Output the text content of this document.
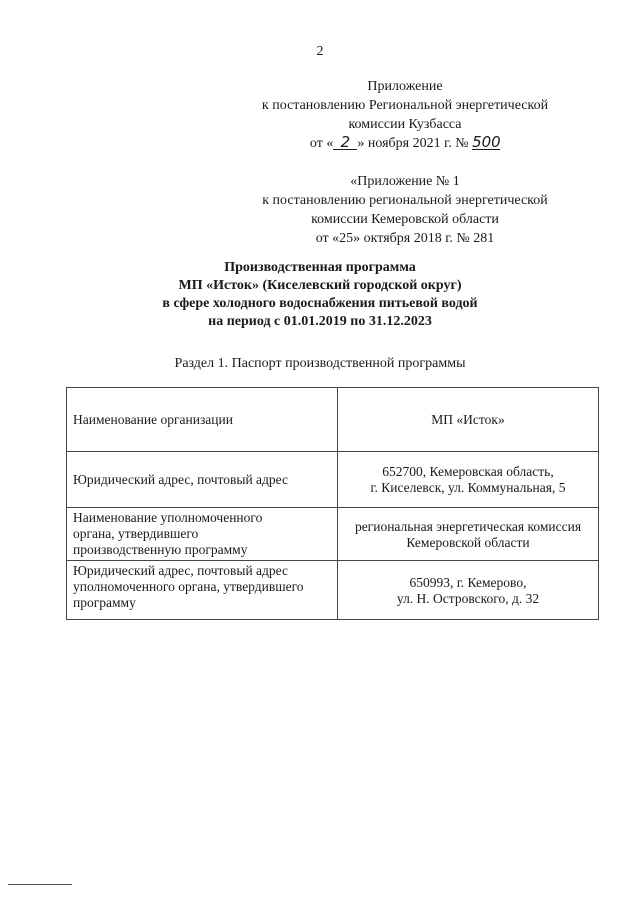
2
Приложение
к постановлению Региональной энергетической
комиссии Кузбасса
от « 2 » ноября 2021 г. № 500
«Приложение № 1
к постановлению региональной энергетической
комиссии Кемеровской области
от «25» октября 2018 г. № 281
Производственная программа
МП «Исток» (Киселевский городской округ)
в сфере холодного водоснабжения питьевой водой
на период с 01.01.2019 по 31.12.2023
Раздел 1. Паспорт производственной программы
Наименование организации	МП «Исток»

Юридический адрес, почтовый адрес	652700, Кемеровская область,
г. Киселевск, ул. Коммунальная, 5

Наименование уполномоченного
органа, утвердившего
производственную программу	региональная энергетическая комиссия
Кемеровской области

Юридический адрес, почтовый адрес
уполномоченного органа, утвердившего
программу	650993, г. Кемерово,
ул. Н. Островского, д. 32
